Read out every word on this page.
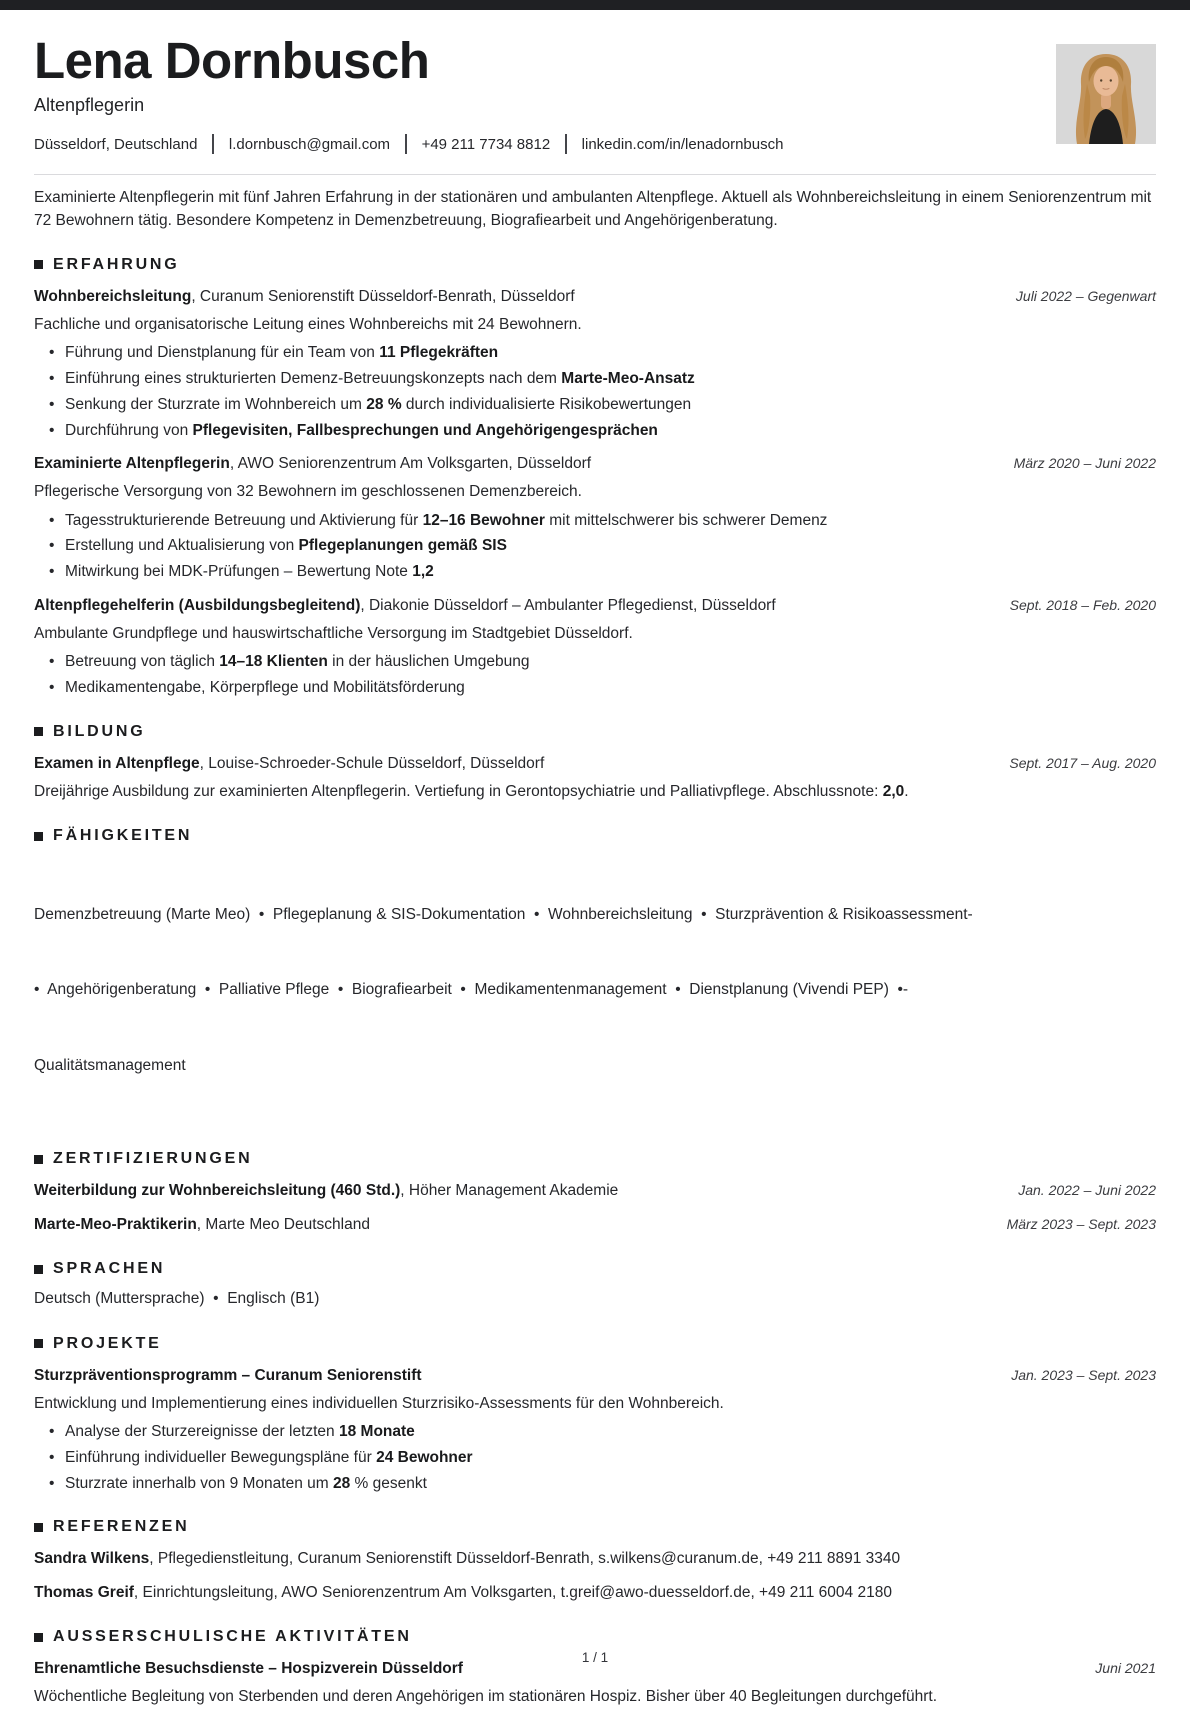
Lena Dornbusch
Altenpflegerin
Düsseldorf, Deutschland l.dornbusch@gmail.com +49 211 7734 8812 linkedin.com/in/lenadornbusch
Examinierte Altenpflegerin mit fünf Jahren Erfahrung in der stationären und ambulanten Altenpflege. Aktuell als Wohnbereichsleitung in einem Seniorenzentrum mit 72 Bewohnern tätig. Besondere Kompetenz in Demenzbetreuung, Biografiearbeit und Angehörigenberatung.
ERFAHRUNG
Wohnbereichsleitung, Curanum Seniorenstift Düsseldorf-Benrath, Düsseldorf	Juli 2022 – Gegenwart
Fachliche und organisatorische Leitung eines Wohnbereichs mit 24 Bewohnern.
• Führung und Dienstplanung für ein Team von 11 Pflegekräften
• Einführung eines strukturierten Demenz-Betreuungskonzepts nach dem Marte-Meo-Ansatz
• Senkung der Sturzrate im Wohnbereich um 28 % durch individualisierte Risikobewertungen
• Durchführung von Pflegevisiten, Fallbesprechungen und Angehörigengesprächen
Examinierte Altenpflegerin, AWO Seniorenzentrum Am Volksgarten, Düsseldorf	März 2020 – Juni 2022
Pflegerische Versorgung von 32 Bewohnern im geschlossenen Demenzbereich.
• Tagesstrukturierende Betreuung und Aktivierung für 12–16 Bewohner mit mittelschwerer bis schwerer Demenz
• Erstellung und Aktualisierung von Pflegeplanungen gemäß SIS
• Mitwirkung bei MDK-Prüfungen – Bewertung Note 1,2
Altenpflegehelferin (Ausbildungsbegleitend), Diakonie Düsseldorf – Ambulanter Pflegedienst, Düsseldorf	Sept. 2018 – Feb. 2020
Ambulante Grundpflege und hauswirtschaftliche Versorgung im Stadtgebiet Düsseldorf.
• Betreuung von täglich 14–18 Klienten in der häuslichen Umgebung
• Medikamentengabe, Körperpflege und Mobilitätsförderung
BILDUNG
Examen in Altenpflege, Louise-Schroeder-Schule Düsseldorf, Düsseldorf	Sept. 2017 – Aug. 2020
Dreijährige Ausbildung zur examinierten Altenpflegerin. Vertiefung in Gerontopsychiatrie und Palliativpflege. Abschlussnote: 2,0.
FÄHIGKEITEN

Demenzbetreuung (Marte Meo)  •  Pflegeplanung & SIS-Dokumentation  •  Wohnbereichsleitung  •  Sturzprävention & Risikoassessment-

•  Angehörigenberatung  •  Palliative Pflege  •  Biografiearbeit  •  Medikamentenmanagement  •  Dienstplanung (Vivendi PEP)  •-

Qualitätsmanagement

ZERTIFIZIERUNGEN
Weiterbildung zur Wohnbereichsleitung (460 Std.), Höher Management Akademie	Jan. 2022 – Juni 2022
Marte-Meo-Praktikerin, Marte Meo Deutschland	März 2023 – Sept. 2023
SPRACHEN
Deutsch (Muttersprache)  •  Englisch (B1)
PROJEKTE
Sturzpräventionsprogramm – Curanum Seniorenstift	Jan. 2023 – Sept. 2023
Entwicklung und Implementierung eines individuellen Sturzrisiko-Assessments für den Wohnbereich.
• Analyse der Sturzereignisse der letzten 18 Monate
• Einführung individueller Bewegungspläne für 24 Bewohner
• Sturzrate innerhalb von 9 Monaten um 28 % gesenkt
REFERENZEN
Sandra Wilkens, Pflegedienstleitung, Curanum Seniorenstift Düsseldorf-Benrath, s.wilkens@curanum.de, +49 211 8891 3340
Thomas Greif, Einrichtungsleitung, AWO Seniorenzentrum Am Volksgarten, t.greif@awo-duesseldorf.de, +49 211 6004 2180
AUSSERSCHULISCHE AKTIVITÄTEN
Ehrenamtliche Besuchsdienste – Hospizverein Düsseldorf	Juni 2021
Wöchentliche Begleitung von Sterbenden und deren Angehörigen im stationären Hospiz. Bisher über 40 Begleitungen durchgeführt.
1 / 1
